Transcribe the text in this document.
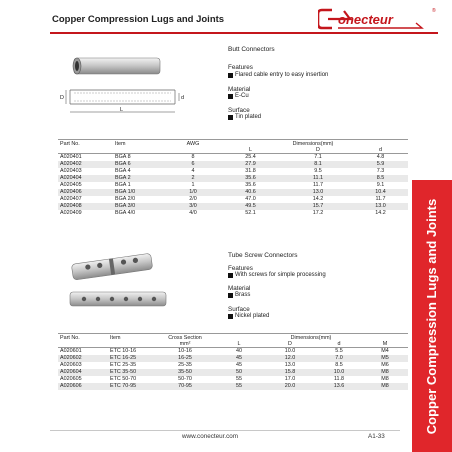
Copper Compression Lugs and Joints	onecteur
®
D	d
L
Butt Connectors
Features
Flared cable entry to easy insertion
Material
E-Cu
Surface
Tin plated
Part No.	Item	AWG	Dimensions(mm)		
			L	D	d
A020401	BGA 8	8	25.4	7.1	4.8
A020402	BGA 6	6	27.9	8.1	5.9
A020403	BGA 4	4	31.8	9.5	7.3
A020404	BGA 2	2	35.6	11.1	8.5
A020405	BGA 1	1	35.6	11.7	9.1
A020406	BGA 1/0	1/0	40.6	13.0	10.4
A020407	BGA 2/0	2/0	47.0	14.2	11.7
A020408	BGA 3/0	3/0	49.5	15.7	13.0
A020409	BGA 4/0	4/0	52.1	17.2	14.2
Tube Screw Connectors
Features
With screws for simple processing
Material
Brass
Surface
Nickel plated
Part No.	Item	Cross Section	Dimensions(mm)			
		mm²	L	D	d	M
A020601	ETC 10-16	10-16	40	10.0	5.5	M4
A020602	ETC 16-25	16-25	45	12.0	7.0	M5
A020603	ETC 25-35	25-35	45	13.0	8.5	M6
A020604	ETC 35-50	35-50	50	15.8	10.0	M8
A020605	ETC 50-70	50-70	55	17.0	11.8	M8
A020606	ETC 70-95	70-95	55	20.0	13.6	M8	Copper Compression Lugs and Joints
www.conecteur.com	A1-33
